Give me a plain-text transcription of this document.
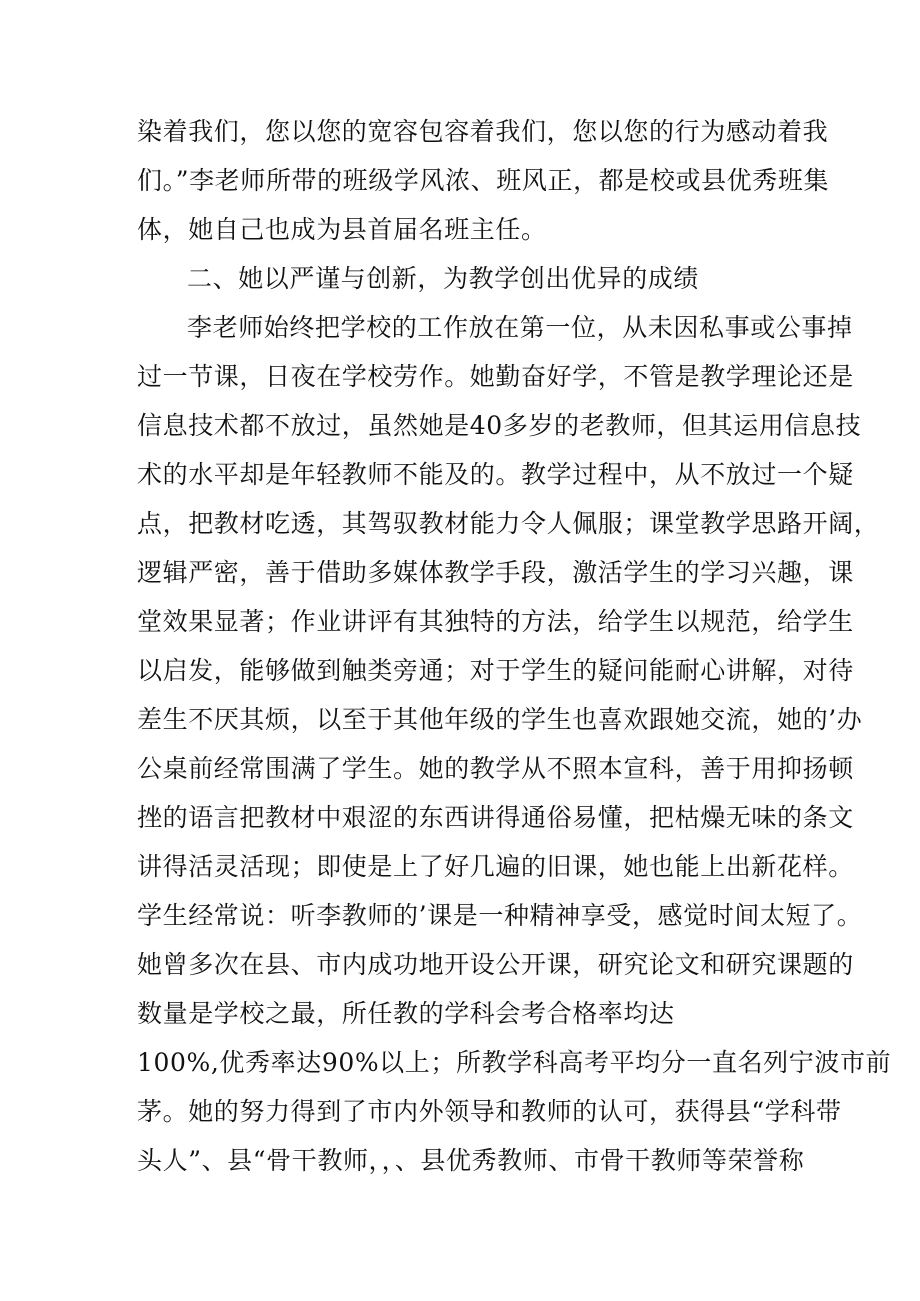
染着我们，您以您的宽容包容着我们，您以您的行为感动着我
们。”李老师所带的班级学风浓、班风正，都是校或县优秀班集
体，她自己也成为县首届名班主任。
二、她以严谨与创新，为教学创出优异的成绩
李老师始终把学校的工作放在第一位，从未因私事或公事掉
过一节课，日夜在学校劳作。她勤奋好学，不管是教学理论还是
信息技术都不放过，虽然她是40多岁的老教师，但其运用信息技
术的水平却是年轻教师不能及的。教学过程中，从不放过一个疑
点，把教材吃透，其驾驭教材能力令人佩服；课堂教学思路开阔，
逻辑严密，善于借助多媒体教学手段，激活学生的学习兴趣，课
堂效果显著；作业讲评有其独特的方法，给学生以规范，给学生
以启发，能够做到触类旁通；对于学生的疑问能耐心讲解，对待
差生不厌其烦，以至于其他年级的学生也喜欢跟她交流，她的’办
公桌前经常围满了学生。她的教学从不照本宣科，善于用抑扬顿
挫的语言把教材中艰涩的东西讲得通俗易懂，把枯燥无味的条文
讲得活灵活现；即使是上了好几遍的旧课，她也能上出新花样。
学生经常说：听李教师的’课是一种精神享受，感觉时间太短了。
她曾多次在县、市内成功地开设公开课，研究论文和研究课题的
数量是学校之最，所任教的学科会考合格率均达
100%,优秀率达90%以上；所教学科高考平均分一直名列宁波市前
茅。她的努力得到了市内外领导和教师的认可，获得县“学科带
头人”、县“骨干教师，，、县优秀教师、市骨干教师等荣誉称
